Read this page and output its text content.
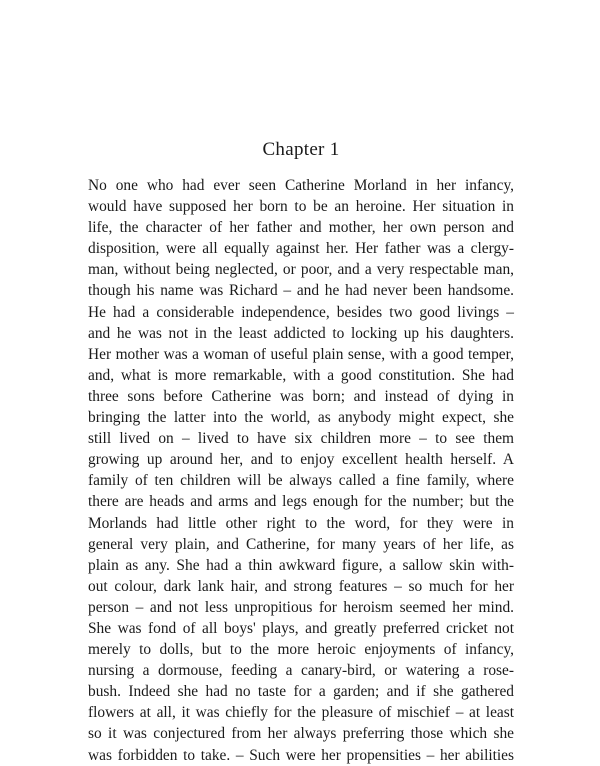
Chapter 1
No one who had ever seen Catherine Morland in her infancy,
would have supposed her born to be an heroine. Her situation in
life, the character of her father and mother, her own person and
disposition, were all equally against her. Her father was a clergy-
man, without being neglected, or poor, and a very respectable man,
though his name was Richard – and he had never been handsome.
He had a considerable independence, besides two good livings –
and he was not in the least addicted to locking up his daughters.
Her mother was a woman of useful plain sense, with a good temper,
and, what is more remarkable, with a good constitution. She had
three sons before Catherine was born; and instead of dying in
bringing the latter into the world, as anybody might expect, she
still lived on – lived to have six children more – to see them
growing up around her, and to enjoy excellent health herself. A
family of ten children will be always called a fine family, where
there are heads and arms and legs enough for the number; but the
Morlands had little other right to the word, for they were in
general very plain, and Catherine, for many years of her life, as
plain as any. She had a thin awkward figure, a sallow skin with-
out colour, dark lank hair, and strong features – so much for her
person – and not less unpropitious for heroism seemed her mind.
She was fond of all boys' plays, and greatly preferred cricket not
merely to dolls, but to the more heroic enjoyments of infancy,
nursing a dormouse, feeding a canary-bird, or watering a rose-
bush. Indeed she had no taste for a garden; and if she gathered
flowers at all, it was chiefly for the pleasure of mischief – at least
so it was conjectured from her always preferring those which she
was forbidden to take. – Such were her propensities – her abilities
